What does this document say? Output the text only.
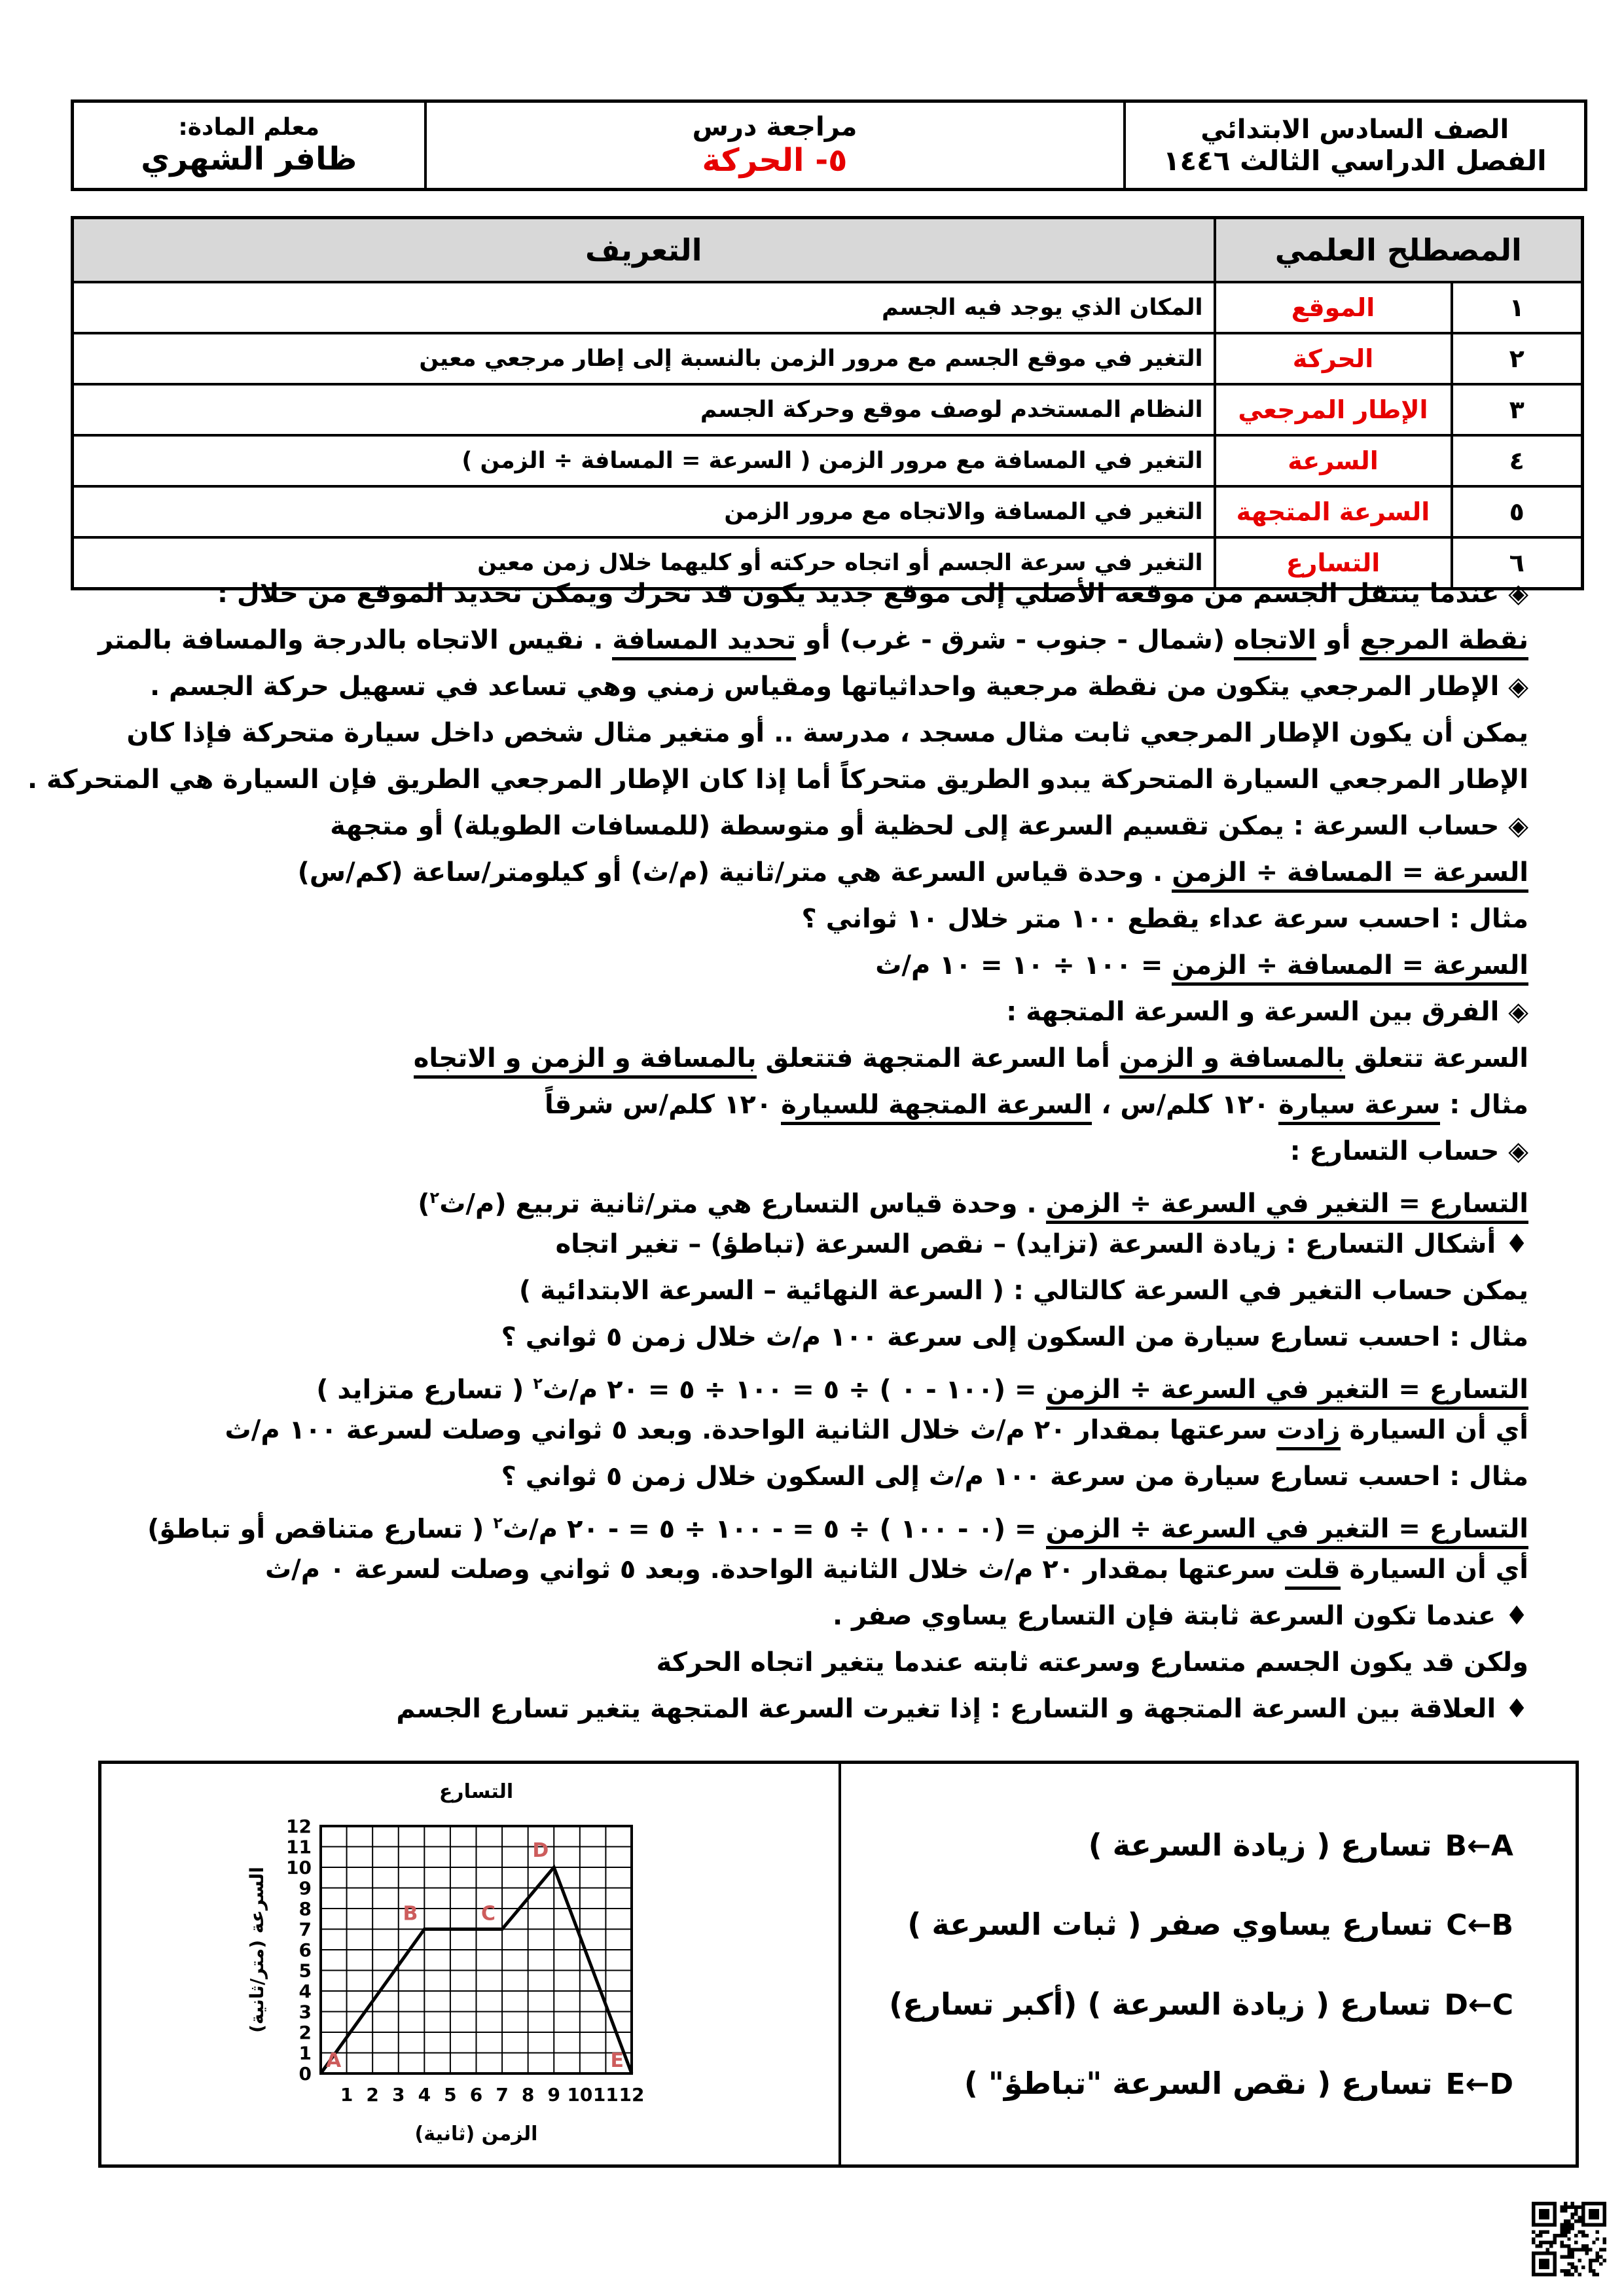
الصف السادس الابتدائي
الفصل الدراسي الثالث ١٤٤٦

مراجعة درس
٥- الحركة

معلم المادة:
ظافر الشهري
المصطلح العلمي		التعريف
١	الموقع	المكان الذي يوجد فيه الجسم
٢	الحركة	التغير في موقع الجسم مع مرور الزمن بالنسبة إلى إطار مرجعي معين
٣	الإطار المرجعي	النظام المستخدم لوصف موقع وحركة الجسم
٤	السرعة	التغير في المسافة مع مرور الزمن ( السرعة = المسافة ÷ الزمن )
٥	السرعة المتجهة	التغير في المسافة والاتجاه مع مرور الزمن
٦	التسارع	التغير في سرعة الجسم أو اتجاه حركته أو كليهما خلال زمن معين
◈ عندما ينتقل الجسم من موقعة الأصلي إلى موقع جديد يكون قد تحرك ويمكن تحديد الموقع من خلال :
نقطة المرجع أو الاتجاه (شمال - جنوب - شرق - غرب) أو تحديد المسافة . نقيس الاتجاه بالدرجة والمسافة بالمتر
◈ الإطار المرجعي يتكون من نقطة مرجعية واحداثياتها ومقياس زمني وهي تساعد في تسهيل حركة الجسم .
يمكن أن يكون الإطار المرجعي ثابت مثال مسجد ، مدرسة .. أو متغير مثال شخص داخل سيارة متحركة فإذا كان
الإطار المرجعي السيارة المتحركة يبدو الطريق متحركاً أما إذا كان الإطار المرجعي الطريق فإن السيارة هي المتحركة .
◈ حساب السرعة : يمكن تقسيم السرعة إلى لحظية أو متوسطة (للمسافات الطويلة) أو متجهة
السرعة = المسافة ÷ الزمن . وحدة قياس السرعة هي متر/ثانية (م/ث) أو كيلومتر/ساعة (كم/س)
مثال : احسب سرعة عداء يقطع ١٠٠ متر خلال ١٠ ثواني ؟
السرعة = المسافة ÷ الزمن = ١٠٠ ÷ ١٠ = ١٠ م/ث
◈ الفرق بين السرعة و السرعة المتجهة :
السرعة تتعلق بالمسافة و الزمن أما السرعة المتجهة فتتعلق بالمسافة و الزمن و الاتجاه
مثال : سرعة سيارة ١٢٠ كلم/س ، السرعة المتجهة للسيارة ١٢٠ كلم/س شرقاً
◈ حساب التسارع :
التسارع = التغير في السرعة ÷ الزمن . وحدة قياس التسارع هي متر/ثانية تربيع (م/ث$^٢$)
♦ أشكال التسارع : زيادة السرعة (تزايد) – نقص السرعة (تباطؤ) – تغير اتجاه
يمكن حساب التغير في السرعة كالتالي : ( السرعة النهائية – السرعة الابتدائية )
مثال : احسب تسارع سيارة من السكون إلى سرعة ١٠٠ م/ث خلال زمن ٥ ثواني ؟
التسارع = التغير في السرعة ÷ الزمن = (١٠٠ - ٠ ) ÷ ٥ = ١٠٠ ÷ ٥ = ٢٠ م/ث$^٢$ ( تسارع متزايد )
أي أن السيارة زادت سرعتها بمقدار ٢٠ م/ث خلال الثانية الواحدة. وبعد ٥ ثواني وصلت لسرعة ١٠٠ م/ث
مثال : احسب تسارع سيارة من سرعة ١٠٠ م/ث إلى السكون خلال زمن ٥ ثواني ؟
التسارع = التغير في السرعة ÷ الزمن = (٠ - ١٠٠ ) ÷ ٥ = - ١٠٠ ÷ ٥ = - ٢٠ م/ث$^٢$ ( تسارع متناقص أو تباطؤ)
أي أن السيارة قلت سرعتها بمقدار ٢٠ م/ث خلال الثانية الواحدة. وبعد ٥ ثواني وصلت لسرعة ٠ م/ث
♦ عندما تكون السرعة ثابتة فإن التسارع يساوي صفر .
ولكن قد يكون الجسم متسارع وسرعته ثابته عندما يتغير اتجاه الحركة
♦ العلاقة بين السرعة المتجهة و التسارع : إذا تغيرت السرعة المتجهة يتغير تسارع الجسم
0
1
2
3
4
5
6
7
8
9
10
11
12
1 2 3 4 5 6 7 8 9 10 11 12
التسارع
الزمن (ثانية)
السرعة (متر/ثانية)
A
B	C
D
E
B←Aتسارع ( زيادة السرعة )
C←Bتسارع يساوي صفر ( ثبات السرعة )
D←Cتسارع ( زيادة السرعة ) (أكبر تسارع)
E←Dتسارع ( نقص السرعة "تباطؤ" )
